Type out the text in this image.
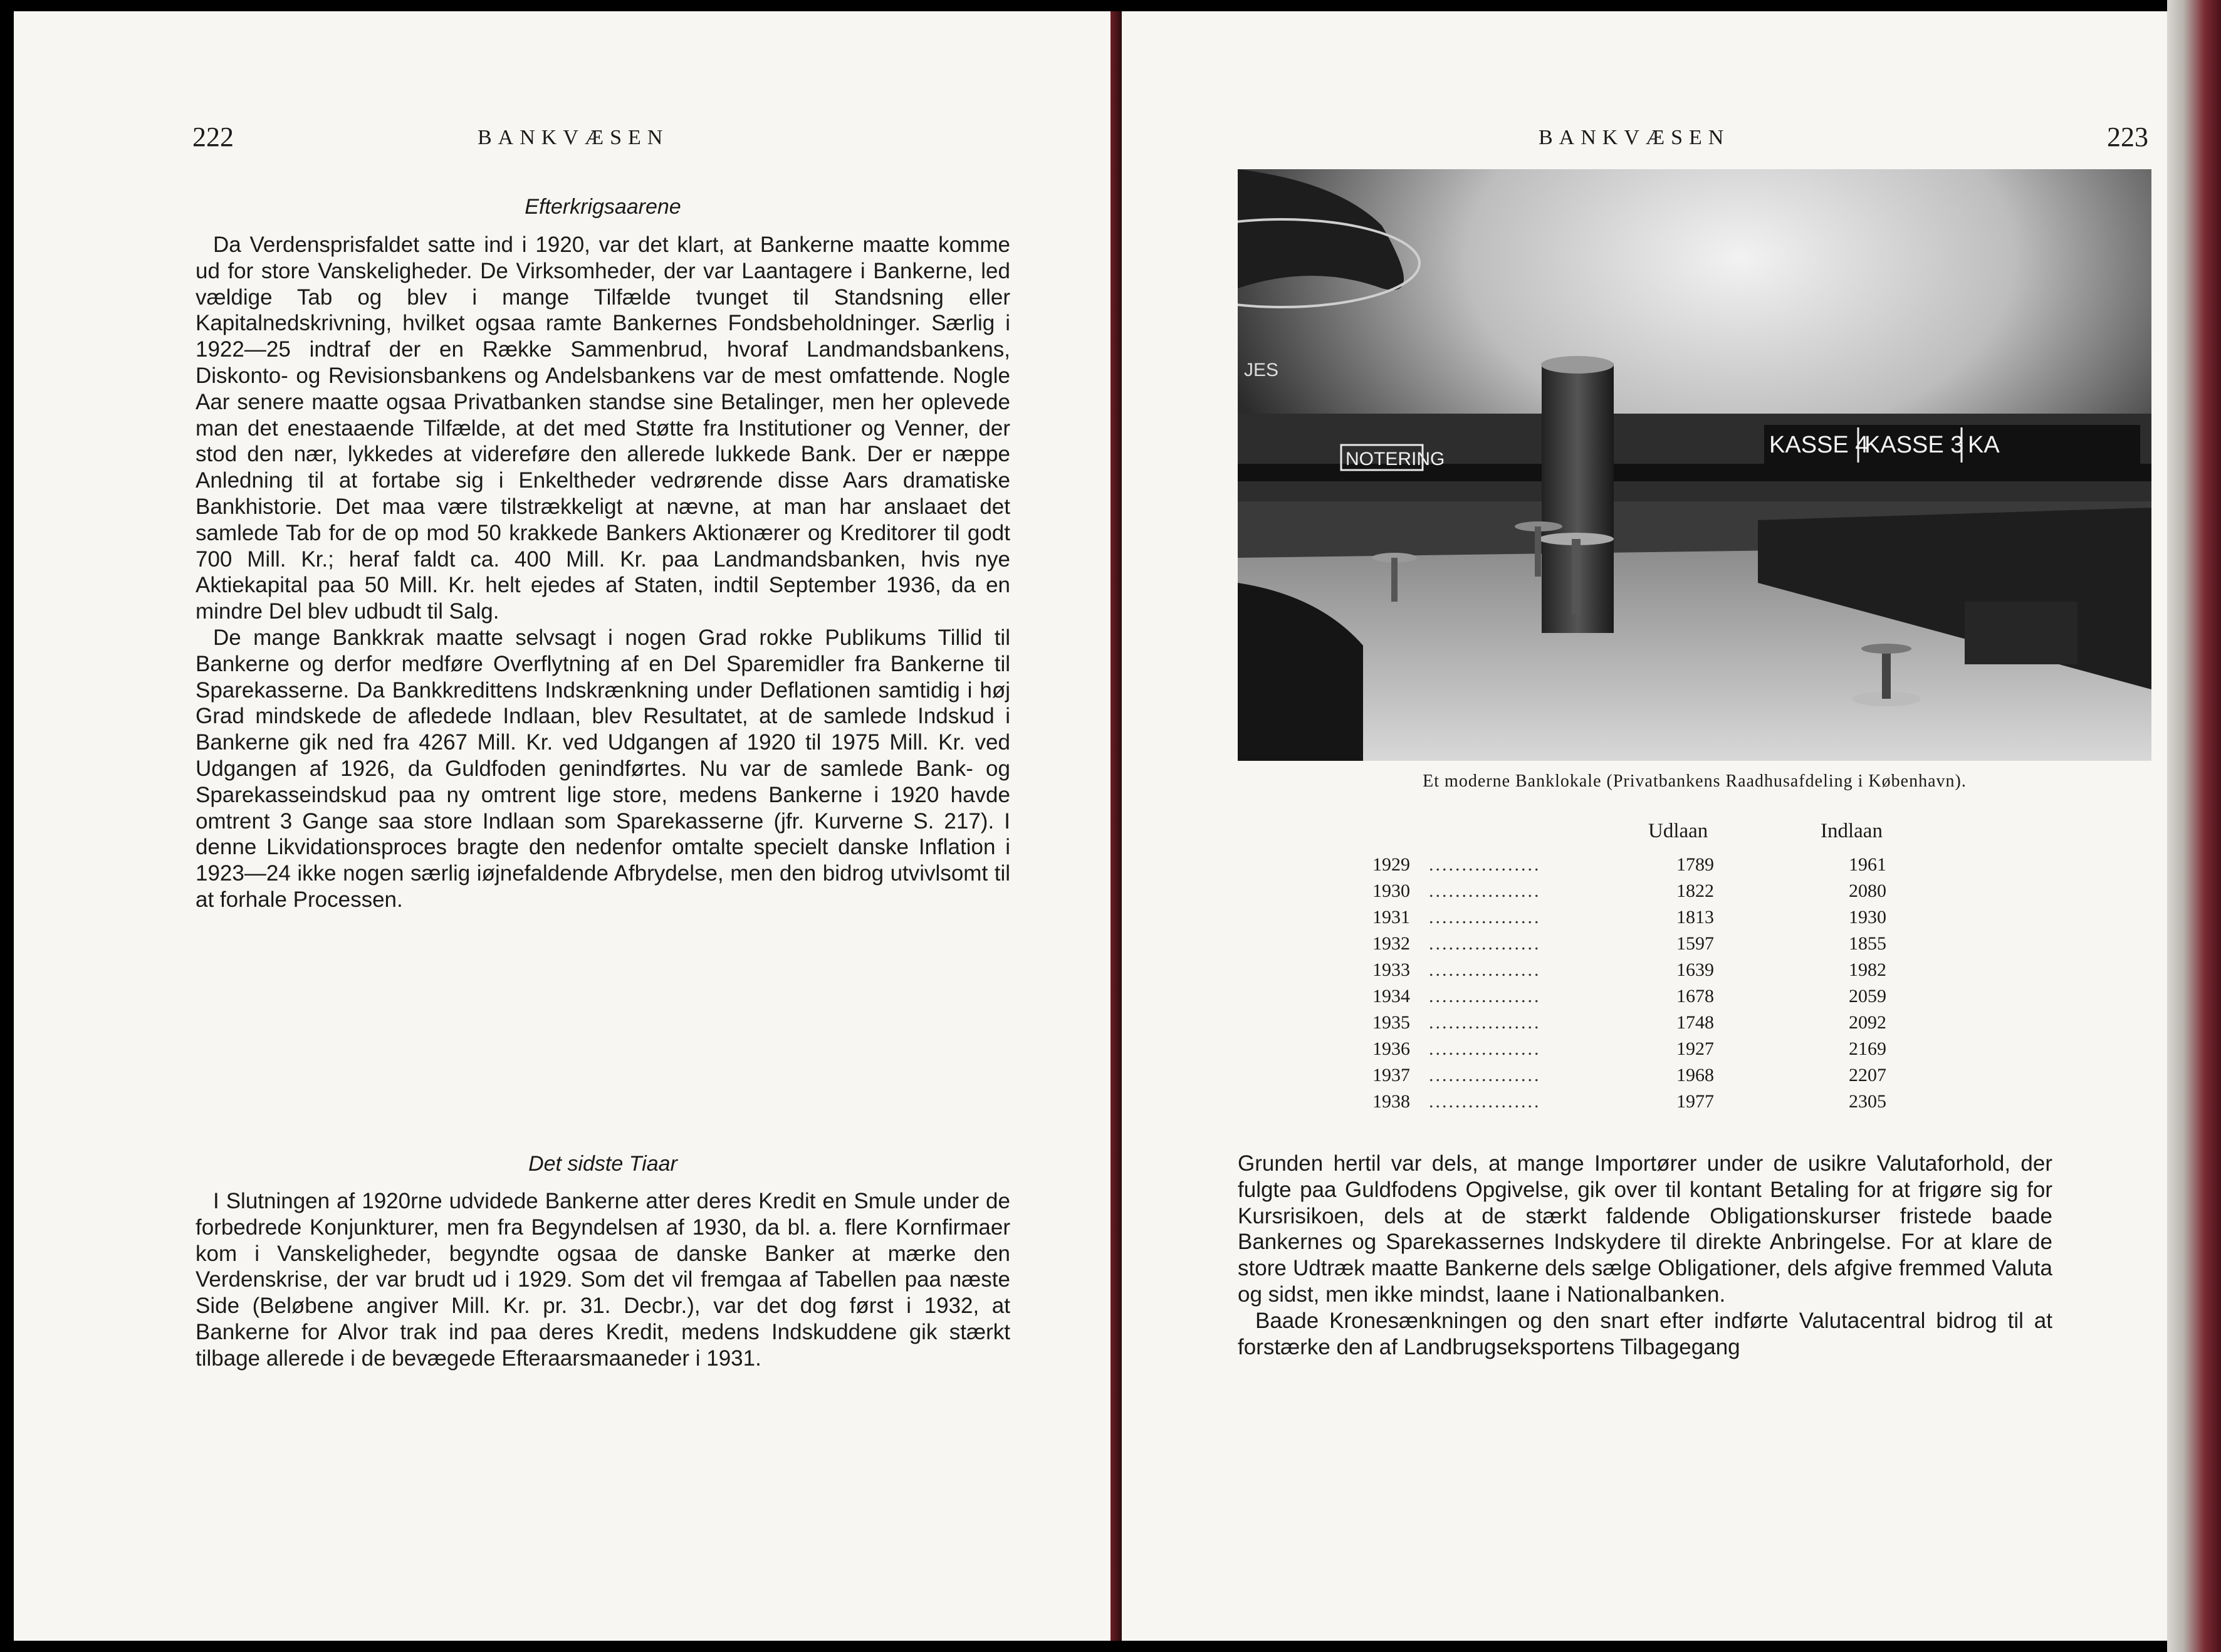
222	BANKVÆSEN
Efterkrigsaarene

Da Verdensprisfaldet satte ind i 1920, var det klart, at Bankerne maatte komme ud for store Vanskeligheder. De Virksomheder, der var Laantagere i Bankerne, led vældige Tab og blev i mange Tilfælde tvunget til Standsning eller Kapitalnedskrivning, hvilket ogsaa ramte Bankernes Fondsbeholdninger. Særlig i 1922—25 indtraf der en Række Sammenbrud, hvoraf Landmandsbankens, Diskonto- og Revisionsbankens og Andelsbankens var de mest omfattende. Nogle Aar senere maatte ogsaa Privatbanken standse sine Betalinger, men her oplevede man det enestaaende Tilfælde, at det med Støtte fra Institutioner og Venner, der stod den nær, lykkedes at videreføre den allerede lukkede Bank. Der er næppe Anledning til at fortabe sig i Enkeltheder vedrørende disse Aars dramatiske Bankhistorie. Det maa være tilstrækkeligt at nævne, at man har anslaaet det samlede Tab for de op mod 50 krakkede Bankers Aktionærer og Kreditorer til godt 700 Mill. Kr.; heraf faldt ca. 400 Mill. Kr. paa Landmandsbanken, hvis nye Aktiekapital paa 50 Mill. Kr. helt ejedes af Staten, indtil September 1936, da en mindre Del blev udbudt til Salg.

De mange Bankkrak maatte selvsagt i nogen Grad rokke Publikums Tillid til Bankerne og derfor medføre Overflytning af en Del Sparemidler fra Bankerne til Sparekasserne. Da Bankkredittens Indskrænkning under Deflationen samtidig i høj Grad mindskede de afledede Indlaan, blev Resultatet, at de samlede Indskud i Bankerne gik ned fra 4267 Mill. Kr. ved Udgangen af 1920 til 1975 Mill. Kr. ved Udgangen af 1926, da Guldfoden genindførtes. Nu var de samlede Bank- og Sparekasseindskud paa ny omtrent lige store, medens Bankerne i 1920 havde omtrent 3 Gange saa store Indlaan som Sparekasserne (jfr. Kurverne S. 217). I denne Likvidationsproces bragte den nedenfor omtalte specielt danske Inflation i 1923—24 ikke nogen særlig iøjnefaldende Afbrydelse, men den bidrog utvivlsomt til at forhale Processen.

Det sidste Tiaar

I Slutningen af 1920rne udvidede Bankerne atter deres Kredit en Smule under de forbedrede Konjunkturer, men fra Begyndelsen af 1930, da bl. a. flere Kornfirmaer kom i Vanskeligheder, begyndte ogsaa de danske Banker at mærke den Verdenskrise, der var brudt ud i 1929. Som det vil fremgaa af Tabellen paa næste Side (Beløbene angiver Mill. Kr. pr. 31. Decbr.), var det dog først i 1932, at Bankerne for Alvor trak ind paa deres Kredit, medens Indskuddene gik stærkt tilbage allerede i de bevægede Efteraarsmaaneder i 1931.

BANKVÆSEN	223
NOTERING
JES
KASSE 4
KASSE 3 KA
Et moderne Banklokale (Privatbankens Raadhusafdeling i København).
Udlaan	Indlaan
1929 .................	1789	1961
1930 .................	1822	2080
1931 .................	1813	1930
1932 .................	1597	1855
1933 .................	1639	1982
1934 .................	1678	2059
1935 .................	1748	2092
1936 .................	1927	2169
1937 .................	1968	2207
1938 .................	1977	2305

Grunden hertil var dels, at mange Importører under de usikre Valutaforhold, der fulgte paa Guldfodens Opgivelse, gik over til kontant Betaling for at frigøre sig for Kursrisikoen, dels at de stærkt faldende Obligationskurser fristede baade Bankernes og Sparekassernes Indskydere til direkte Anbringelse. For at klare de store Udtræk maatte Bankerne dels sælge Obligationer, dels afgive fremmed Valuta og sidst, men ikke mindst, laane i Nationalbanken.

Baade Kronesænkningen og den snart efter indførte Valutacentral bidrog til at forstærke den af Landbrugseksportens Tilbagegang
